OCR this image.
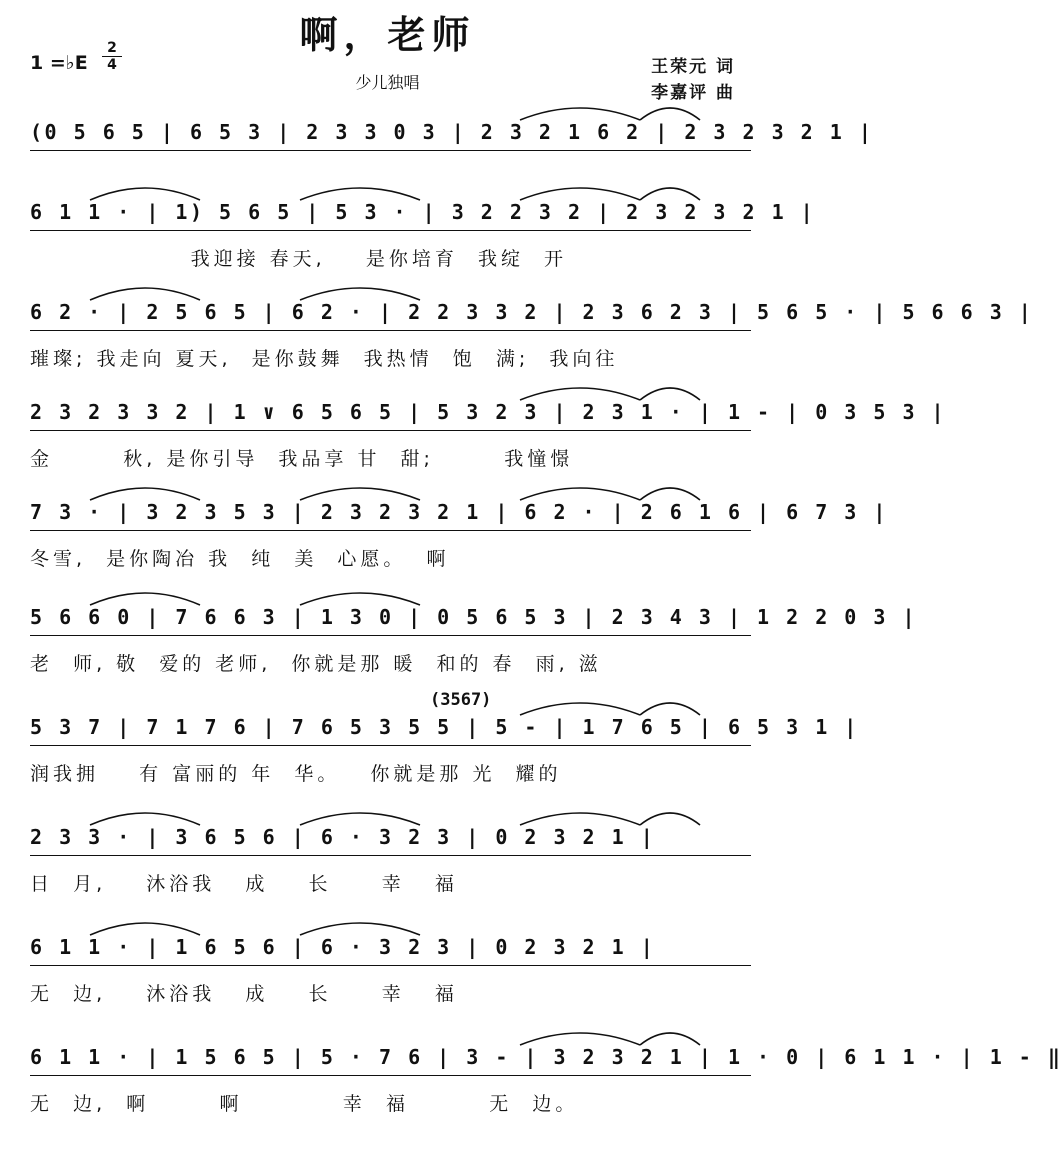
啊，老师
1 =♭E
2
4
少儿独唱
王荣元 词
李嘉评 曲
(0 5 6 5 | 6 5 3 | 2 3 3 0 3 | 2 3 2 1 6 2 | 2 3 2 3 2 1 |
6 1 1 · | 1) 5 6 5 | 5 3 · | 3 2 2 3 2 | 2 3 2 3 2 1 |
我迎接 春天,    是你培育  我绽  开
6 2 · | 2 5 6 5 | 6 2 · | 2 2 3 3 2 | 2 3 6 2 3 | 5 6 5 · | 5 6 6 3 |
璀璨; 我走向 夏天,  是你鼓舞  我热情  饱  满;  我向往
2 3 2 3 3 2 | 1 ∨ 6 5 6 5 | 5 3 2 3 | 2 3 1 · | 1 - | 0 3 5 3 |
金       秋, 是你引导  我品享 甘  甜;       我憧憬
7 3 · | 3 2 3 5 3 | 2 3 2 3 2 1 | 6 2 · | 2 6 1 6 | 6 7 3 |
冬雪,  是你陶冶 我  纯  美  心愿。  啊
5 6 6 0 | 7 6 6 3 | 1 3 0 | 0 5 6 5 3 | 2 3 4 3 | 1 2 2 0 3 |
老  师, 敬  爱的 老师,  你就是那 暖  和的 春  雨, 滋
5 3 7 | 7 1 7 6 | 7 6 5 3 5 5 | 5 - | 1 7 6 5 | 6 5 3 1 |
润我拥    有 富丽的 年  华。   你就是那 光  耀的
2 3 3 · | 3 6 5 6 | 6 · 3 2 3 | 0 2 3 2 1 |
日  月,    沐浴我   成    长     幸   福
6 1 1 · | 1 6 5 6 | 6 · 3 2 3 | 0 2 3 2 1 |
无  边,    沐浴我   成    长     幸   福
6 1 1 · | 1 5 6 5 | 5 · 7 6 | 3 - | 3 2 3 2 1 | 1 · 0 | 6 1 1 · | 1 - ‖
无  边,  啊       啊          幸  福        无  边。
(3567)
